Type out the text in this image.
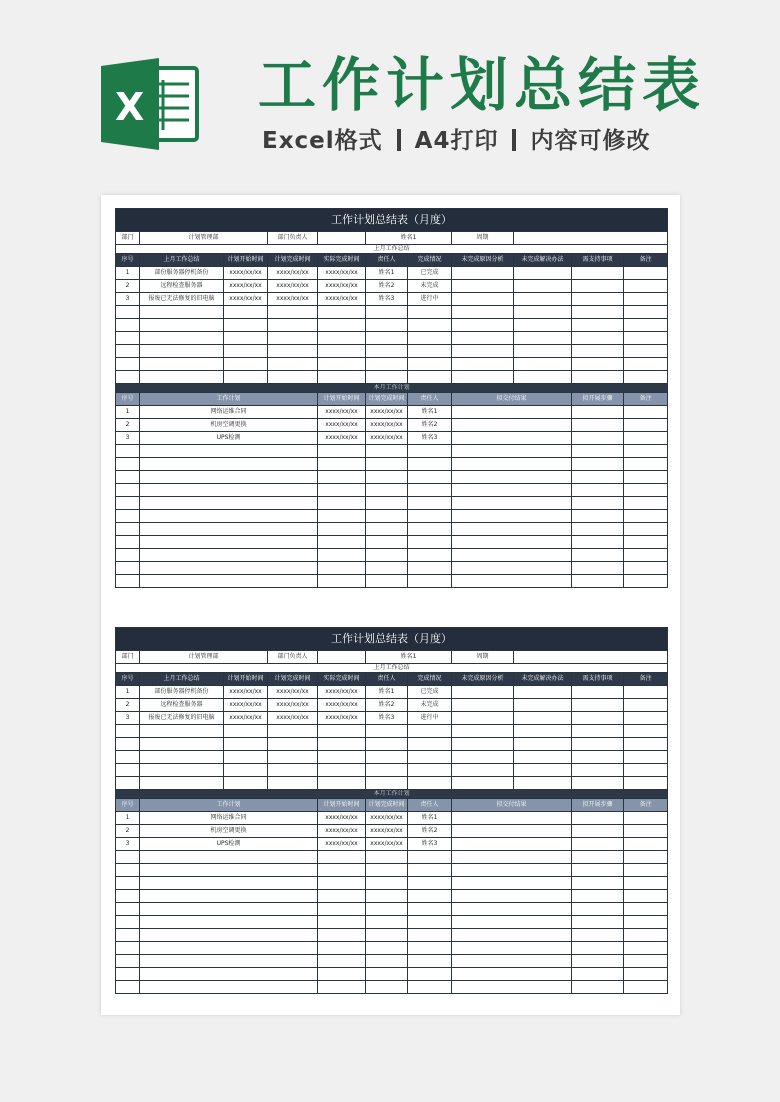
X 工作计划总结表
Excel格式 A4打印 内容可修改
工作计划总结表（月度）										
部门	计划管理部		部门负责人		姓名1		周期			
上月工作总结										
序号	上月工作总结	计划开始时间	计划完成时间	实际完成时间	责任人	完成情况	未完成原因分析	未完成解决办法	需支持事项	备注
1	部份服务器停机备份	xxxx/xx/xx	xxxx/xx/xx	xxxx/xx/xx	姓名1	已完成				
2	远程检查服务器	xxxx/xx/xx	xxxx/xx/xx	xxxx/xx/xx	姓名2	未完成				
3	报废已无法修复的旧电脑	xxxx/xx/xx	xxxx/xx/xx	xxxx/xx/xx	姓名3	进行中				

本月工作计划										
序号	工作计划			计划开始时间	计划完成时间	责任人	拟交付结果		拟开展步骤	备注
1	网络运维合同			xxxx/xx/xx	xxxx/xx/xx	姓名1				
2	机房空调更换			xxxx/xx/xx	xxxx/xx/xx	姓名2				
3	UPS检测			xxxx/xx/xx	xxxx/xx/xx	姓名3				

工作计划总结表（月度）										
部门	计划管理部		部门负责人		姓名1		周期			
上月工作总结										
序号	上月工作总结	计划开始时间	计划完成时间	实际完成时间	责任人	完成情况	未完成原因分析	未完成解决办法	需支持事项	备注
1	部份服务器停机备份	xxxx/xx/xx	xxxx/xx/xx	xxxx/xx/xx	姓名1	已完成				
2	远程检查服务器	xxxx/xx/xx	xxxx/xx/xx	xxxx/xx/xx	姓名2	未完成				
3	报废已无法修复的旧电脑	xxxx/xx/xx	xxxx/xx/xx	xxxx/xx/xx	姓名3	进行中				

本月工作计划										
序号	工作计划			计划开始时间	计划完成时间	责任人	拟交付结果		拟开展步骤	备注
1	网络运维合同			xxxx/xx/xx	xxxx/xx/xx	姓名1				
2	机房空调更换			xxxx/xx/xx	xxxx/xx/xx	姓名2				
3	UPS检测			xxxx/xx/xx	xxxx/xx/xx	姓名3				
